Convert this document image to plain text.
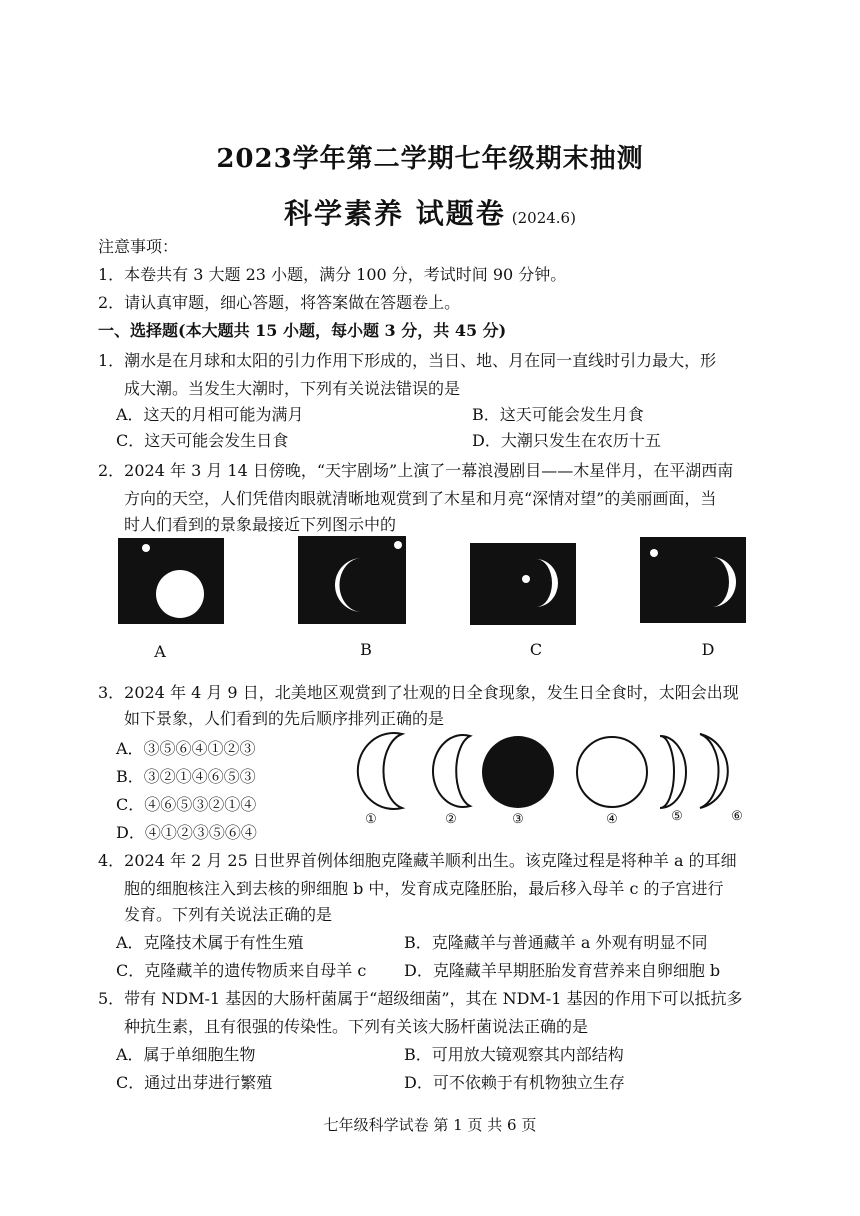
2023学年第二学期七年级期末抽测
科学素养 试题卷 (2024.6)
注意事项：
1．本卷共有 3 大题 23 小题，满分 100 分，考试时间 90 分钟。
2．请认真审题，细心答题，将答案做在答题卷上。
一、选择题(本大题共 15 小题，每小题 3 分，共 45 分)
1．潮水是在月球和太阳的引力作用下形成的，当日、地、月在同一直线时引力最大，形
成大潮。当发生大潮时，下列有关说法错误的是
A．这天的月相可能为满月	B．这天可能会发生月食
C．这天可能会发生日食	D．大潮只发生在农历十五
2．2024 年 3 月 14 日傍晚，“天宇剧场”上演了一幕浪漫剧目——木星伴月，在平湖西南
方向的天空，人们凭借肉眼就清晰地观赏到了木星和月亮“深情对望”的美丽画面，当
时人们看到的景象最接近下列图示中的
A	B	C	D
3．2024 年 4 月 9 日，北美地区观赏到了壮观的日全食现象，发生日全食时，太阳会出现
如下景象，人们看到的先后顺序排列正确的是
A．③⑤⑥④①②③
B．③②①④⑥⑤③
C．④⑥⑤③②①④
D．④①②③⑤⑥④
①	②	③	④	⑤	⑥
4．2024 年 2 月 25 日世界首例体细胞克隆藏羊顺利出生。该克隆过程是将种羊 a 的耳细
胞的细胞核注入到去核的卵细胞 b 中，发育成克隆胚胎，最后移入母羊 c 的子宫进行
发育。下列有关说法正确的是
A．克隆技术属于有性生殖	B．克隆藏羊与普通藏羊 a 外观有明显不同
C．克隆藏羊的遗传物质来自母羊 c D．克隆藏羊早期胚胎发育营养来自卵细胞 b
5．带有 NDM-1 基因的大肠杆菌属于“超级细菌”，其在 NDM-1 基因的作用下可以抵抗多
种抗生素，且有很强的传染性。下列有关该大肠杆菌说法正确的是
A．属于单细胞生物	B．可用放大镜观察其内部结构
C．通过出芽进行繁殖	D．可不依赖于有机物独立生存
七年级科学试卷 第 1 页 共 6 页
